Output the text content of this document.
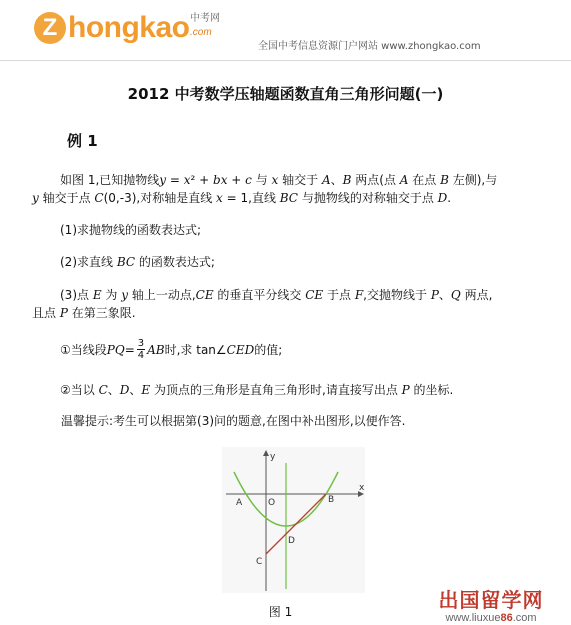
Z hongkao 中考网
.com
全国中考信息资源门户网站 www.zhongkao.com
2012 中考数学压轴题函数直角三角形问题(一)
例 1
如图 1,已知抛物线y = x² + bx + c 与 x 轴交于 A、B 两点(点 A 在点 B 左侧),与
y 轴交于点 C(0,-3),对称轴是直线 x = 1,直线 BC 与抛物线的对称轴交于点 D.
(1)求抛物线的函数表达式;
(2)求直线 BC 的函数表达式;
(3)点 E 为 y 轴上一动点,CE 的垂直平分线交 CE 于点 F,交抛物线于 P、Q 两点,
且点 P 在第三象限.
①当线段 PQ = $\frac{3}{4}$ AB 时,求 tan∠ CED 的值;
②当以 C、D、E 为顶点的三角形是直角三角形时,请直接写出点 P 的坐标.
温馨提示:考生可以根据第(3)问的题意,在图中补出图形,以便作答.
x
y
A	O	B
C
D
图 1	出国留学网
www.liuxue86.com
